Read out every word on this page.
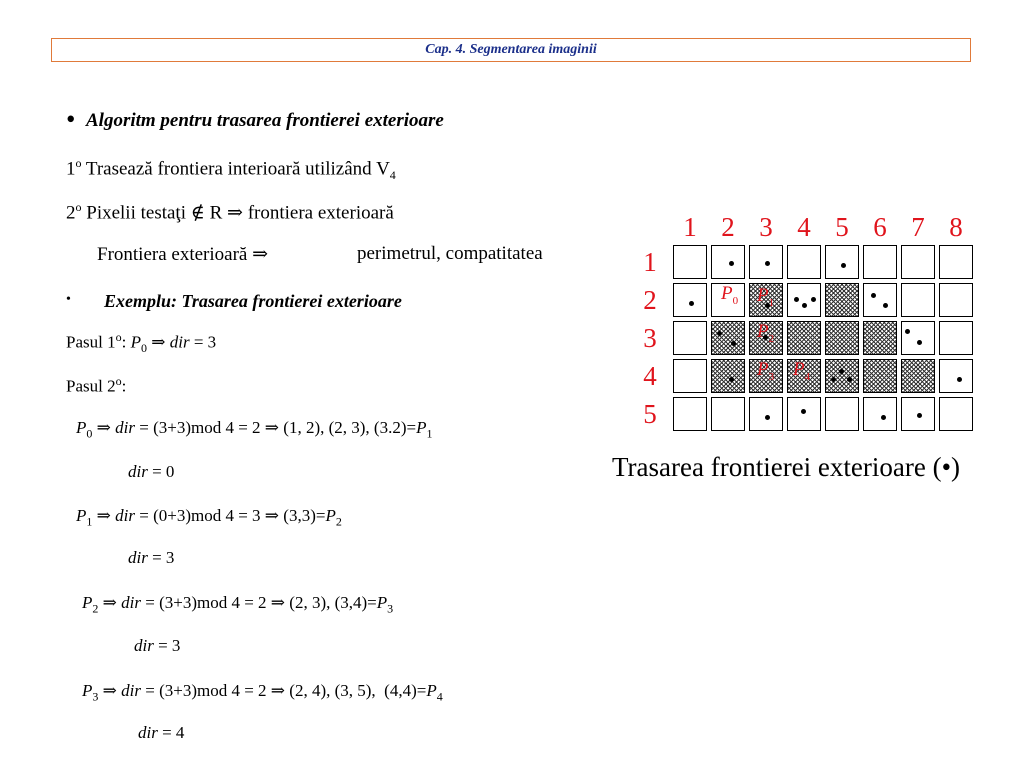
Cap. 4. Segmentarea imaginii
• Algoritm pentru trasarea frontierei exterioare
1$^o$ Trasează frontiera interioară utilizând $V_4$
2$^o$ Pixelii testaţi ∉ R ⇒ frontiera exterioară
Frontiera exterioară ⇒	perimetrul, compatitatea
• Exemplu: Trasarea frontierei exterioare
Pasul 1$^o$: $P_0$ ⇒ dir = 3
Pasul 2$^o$:
$P_0$ ⇒ dir = (3+3)mod 4 = 2 ⇒ (1, 2), (2, 3), $(3.2)=P_1$
dir = 0
$P_1$ ⇒ dir = (0+3)mod 4 = 3 ⇒ $(3,3)=P_2$
dir = 3
$P_2$ ⇒ dir = (3+3)mod 4 = 2 ⇒ (2, 3), $(3,4)=P_3$
dir = 3
$P_3$ ⇒ dir = (3+3)mod 4 = 2 ⇒ (2, 4), (3, 5),  $(4,4)=P_4$
dir = 4
1 2 3 4 5 6 7 8
1
2
3
4
5
$P_0$ $P_1$
$P_2$
$P_3$ $P_4$
Trasarea frontierei exterioare (•)
